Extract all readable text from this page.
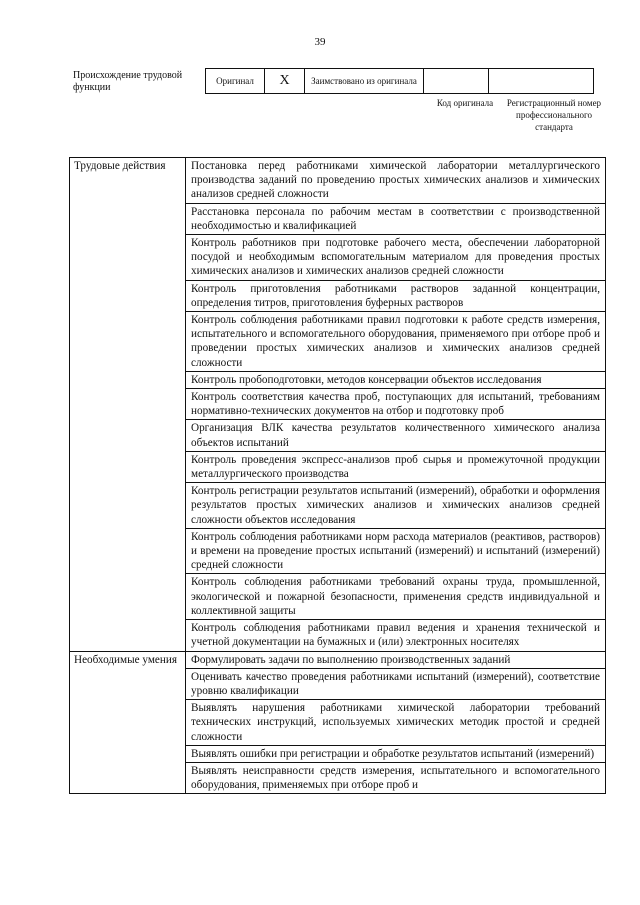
39
Происхождение трудовой функции
Оригинал	X	Заимствовано из оригинала		
Код оригинала	Регистрационный номер профессионального стандарта
Трудовые действия	Постановка перед работниками химической лаборатории металлургического производства заданий по проведению простых химических анализов и химических анализов средней сложности
	Расстановка персонала по рабочим местам в соответствии с производственной необходимостью и квалификацией
	Контроль работников при подготовке рабочего места, обеспечении лабораторной посудой и необходимым вспомогательным материалом для проведения простых химических анализов и химических анализов средней сложности
	Контроль приготовления работниками растворов заданной концентрации, определения титров, приготовления буферных растворов
	Контроль соблюдения работниками правил подготовки к работе средств измерения, испытательного и вспомогательного оборудования, применяемого при отборе проб и проведении простых химических анализов и химических анализов средней сложности
	Контроль пробоподготовки, методов консервации объектов исследования
	Контроль соответствия качества проб, поступающих для испытаний, требованиям нормативно-технических документов на отбор и подготовку проб
	Организация ВЛК качества результатов количественного химического анализа объектов испытаний
	Контроль проведения экспресс-анализов проб сырья и промежуточной продукции металлургического производства
	Контроль регистрации результатов испытаний (измерений), обработки и оформления результатов простых химических анализов и химических анализов средней сложности объектов исследования
	Контроль соблюдения работниками норм расхода материалов (реактивов, растворов) и времени на проведение простых испытаний (измерений) и испытаний (измерений) средней сложности
	Контроль соблюдения работниками требований охраны труда, промышленной, экологической и пожарной безопасности, применения средств индивидуальной и коллективной защиты
	Контроль соблюдения работниками правил ведения и хранения технической и учетной документации на бумажных и (или) электронных носителях
Необходимые умения	Формулировать задачи по выполнению производственных заданий
	Оценивать качество проведения работниками испытаний (измерений), соответствие уровню квалификации
	Выявлять нарушения работниками химической лаборатории требований технических инструкций, используемых химических методик простой и средней сложности
	Выявлять ошибки при регистрации и обработке результатов испытаний (измерений)
	Выявлять неисправности средств измерения, испытательного и вспомогательного оборудования, применяемых при отборе проб и
